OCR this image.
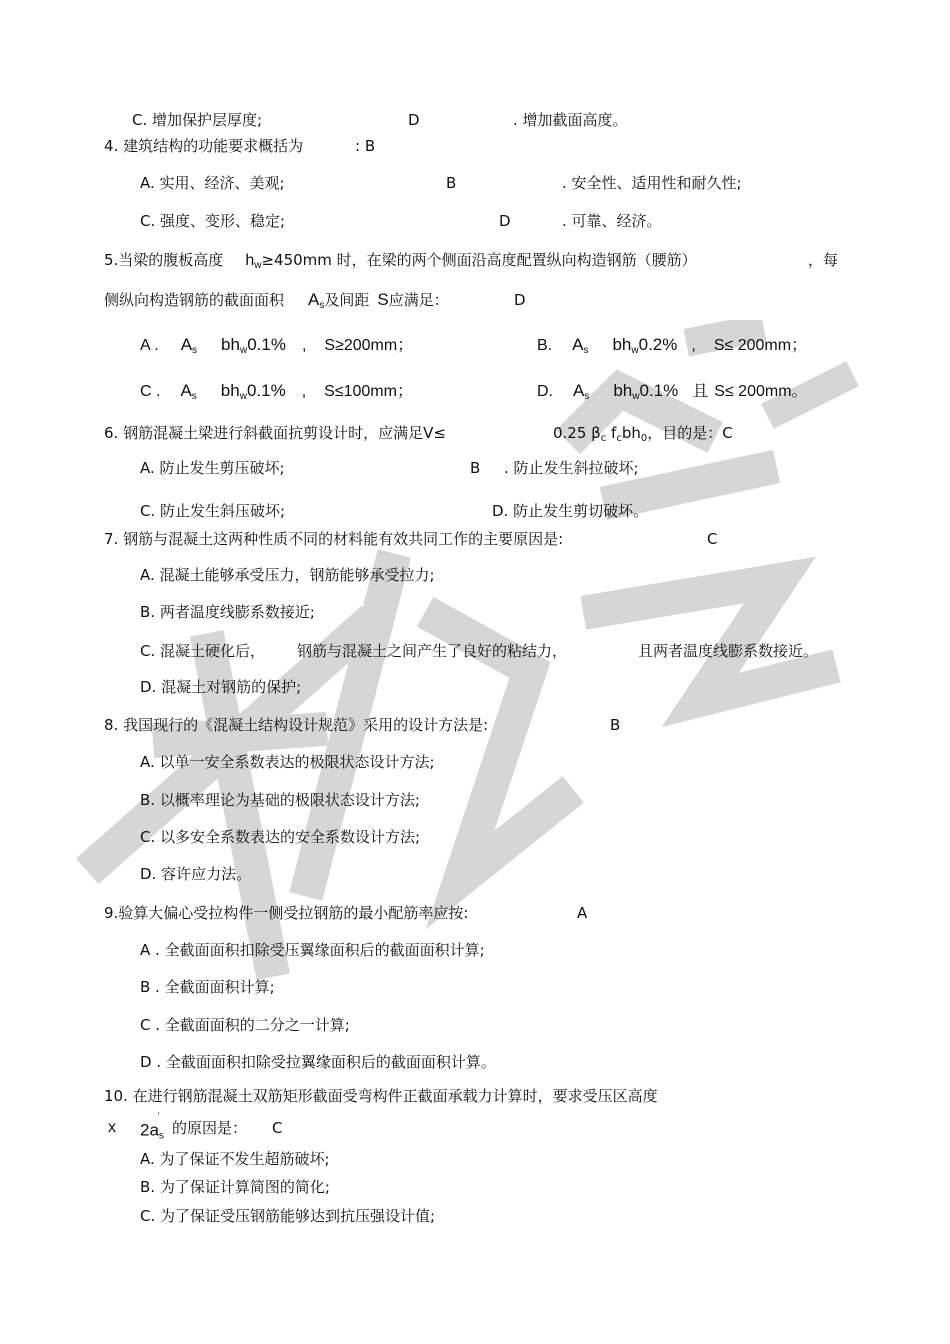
C. 增加保护层厚度;	D	. 增加截面高度。
4. 建筑结构的功能要求概括为	: B
A. 实用、经济、美观;	B	. 安全性、适用性和耐久性;
C. 强度、变形、稳定;	D	. 可靠、经济。
5.当梁的腹板高度 $h_w\ge 450mm$ 时，在梁的两个侧面沿高度配置纵向构造钢筋（腰筋）	，每
侧纵向构造钢筋的截面面积 $A_s$及间距 S应满足：	D
A . $A_s$ $bh_w0.1\%$ , S≥200mm；	B. $A_s$ $bh_w0.2\%$ , S≤ 200mm；
C . $A_s$ $bh_w0.1\%$ , S≤100mm；	D. $A_s$ $bh_w0.1\%$ 且 S≤ 200mm。
6. 钢筋混凝土梁进行斜截面抗剪设计时，应满足V≤	0.25 $\beta_c$ $f_cbh_0$，目的是：C
A. 防止发生剪压破坏;	B . 防止发生斜拉破坏;
C. 防止发生斜压破坏;	D. 防止发生剪切破坏。
7. 钢筋与混凝土这两种性质不同的材料能有效共同工作的主要原因是:	C
A. 混凝土能够承受压力，钢筋能够承受拉力;
B. 两者温度线膨系数接近;
C. 混凝土硬化后， 钢筋与混凝土之间产生了良好的粘结力，	且两者温度线膨系数接近。
D. 混凝土对钢筋的保护;
8. 我国现行的《混凝土结构设计规范》采用的设计方法是:	B
A. 以单一安全系数表达的极限状态设计方法;
B. 以概率理论为基础的极限状态设计方法;
C. 以多安全系数表达的安全系数设计方法;
D. 容许应力法。
9.验算大偏心受拉构件一侧受拉钢筋的最小配筋率应按:	A
A . 全截面面积扣除受压翼缘面积后的截面面积计算;
B . 全截面面积计算;
C . 全截面面积的二分之一计算;
D . 全截面面积扣除受拉翼缘面积后的截面面积计算。
10. 在进行钢筋混凝土双筋矩形截面受弯构件正截面承载力计算时，要求受压区高度
x $2a_s'$
的原因是： C
A. 为了保证不发生超筋破坏;
B. 为了保证计算简图的简化;
C. 为了保证受压钢筋能够达到抗压强设计值;
